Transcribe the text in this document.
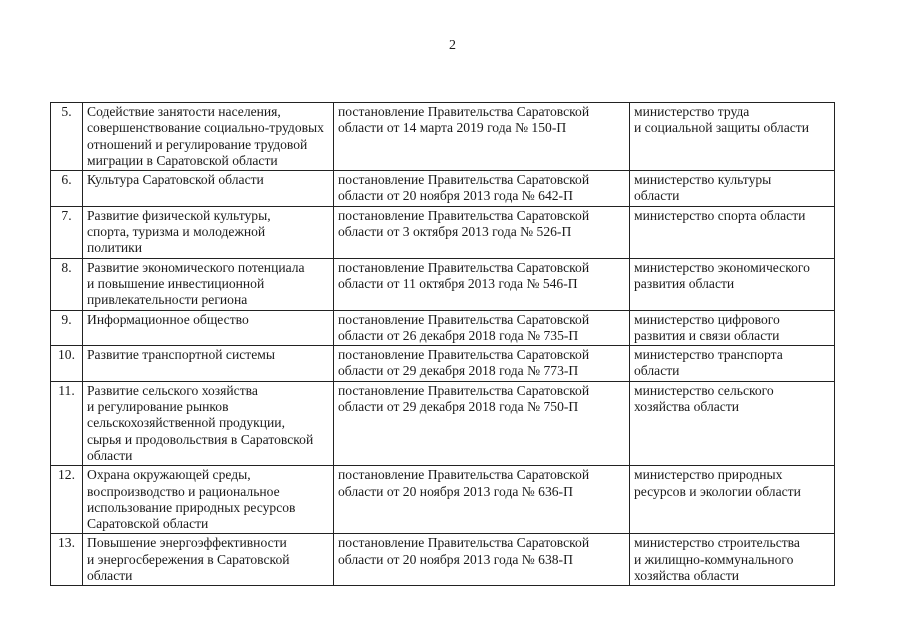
2
5.	Содействие занятости населения,
совершенствование социально-трудовых
отношений и регулирование трудовой
миграции в Саратовской области	постановление Правительства Саратовской
области от 14 марта 2019 года № 150-П	министерство труда
и социальной защиты области

6.	Культура Саратовской области	постановление Правительства Саратовской
области от 20 ноября 2013 года № 642-П	министерство культуры
области

7.	Развитие физической культуры,
спорта, туризма и молодежной
политики	постановление Правительства Саратовской
области от 3 октября 2013 года № 526-П	министерство спорта области

8.	Развитие экономического потенциала
и повышение инвестиционной
привлекательности региона	постановление Правительства Саратовской
области от 11 октября 2013 года № 546-П	министерство экономического
развития области

9.	Информационное общество	постановление Правительства Саратовской
области от 26 декабря 2018 года № 735-П	министерство цифрового
развития и связи области

10.	Развитие транспортной системы	постановление Правительства Саратовской
области от 29 декабря 2018 года № 773-П	министерство транспорта
области

11.	Развитие сельского хозяйства
и регулирование рынков
сельскохозяйственной продукции,
сырья и продовольствия в Саратовской
области	постановление Правительства Саратовской
области от 29 декабря 2018 года № 750-П	министерство сельского
хозяйства области

12.	Охрана окружающей среды,
воспроизводство и рациональное
использование природных ресурсов
Саратовской области	постановление Правительства Саратовской
области от 20 ноября 2013 года № 636-П	министерство природных
ресурсов и экологии области

13.	Повышение энергоэффективности
и энергосбережения в Саратовской
области	постановление Правительства Саратовской
области от 20 ноября 2013 года № 638-П	министерство строительства
и жилищно-коммунального
хозяйства области
